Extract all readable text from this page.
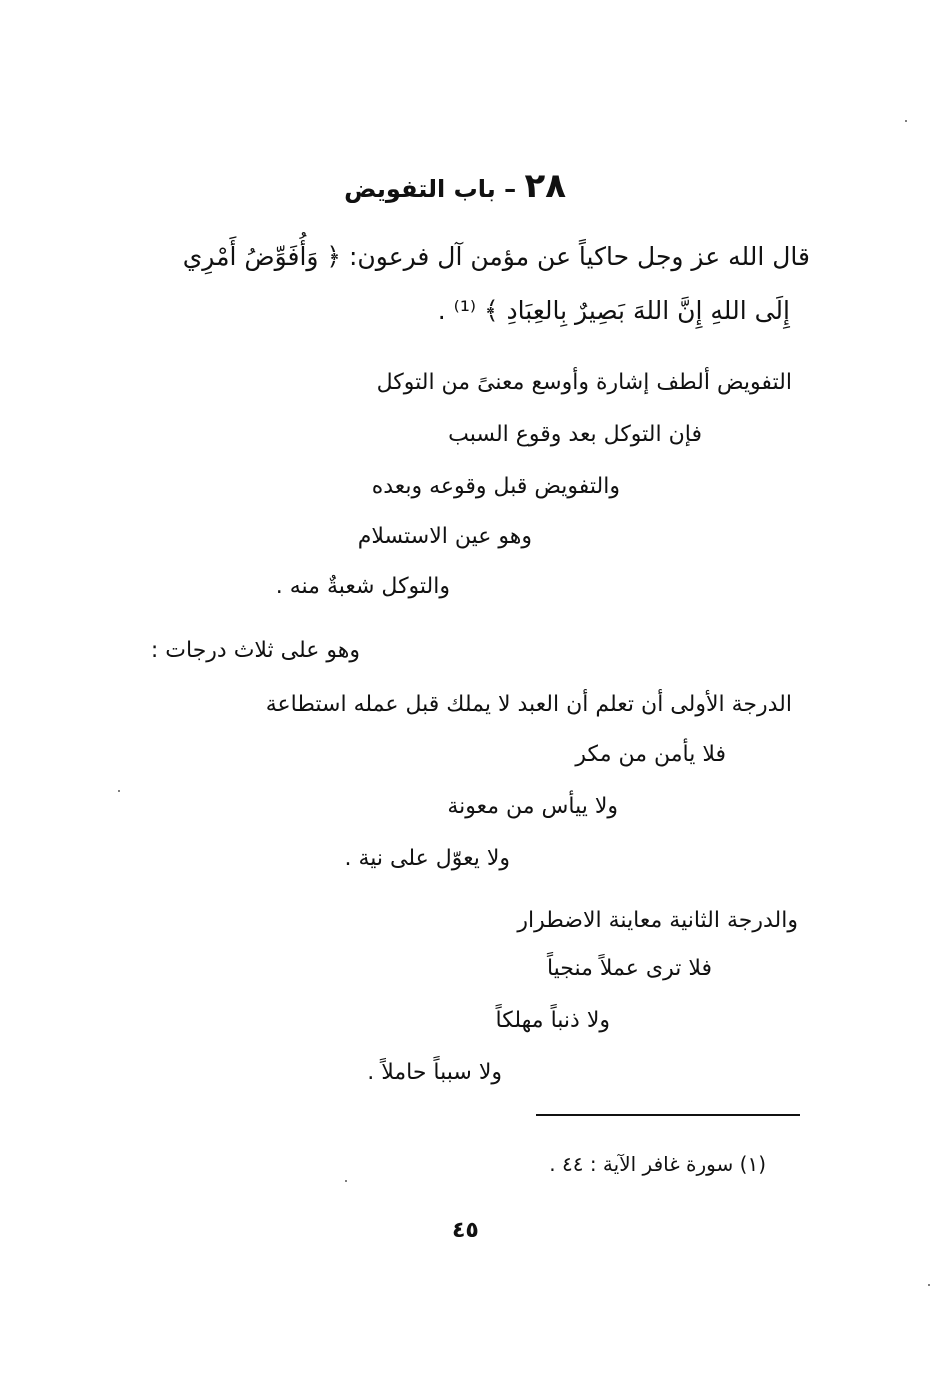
٢٨ – باب التفويض
قال الله عز وجل حاكياً عن مؤمن آل فرعون: ﴿ وَأُفَوِّضُ أَمْرِي
إِلَى اللهِ إِنَّ اللهَ بَصِيرٌ بِالعِبَادِ ﴾ ⁽¹⁾ .
التفويض ألطف إشارة وأوسع معنىً من التوكل
فإن التوكل بعد وقوع السبب
والتفويض قبل وقوعه وبعده
وهو عين الاستسلام
والتوكل شعبةٌ منه .
وهو على ثلاث درجات :
الدرجة الأولى أن تعلم أن العبد لا يملك قبل عمله استطاعة
فلا يأمن من مكر
ولا ييأس من معونة
ولا يعوّل على نية .
والدرجة الثانية معاينة الاضطرار
فلا ترى عملاً منجياً
ولا ذنباً مهلكاً
ولا سبباً حاملاً .
(١) سورة غافر الآية : ٤٤ .
٤٥
